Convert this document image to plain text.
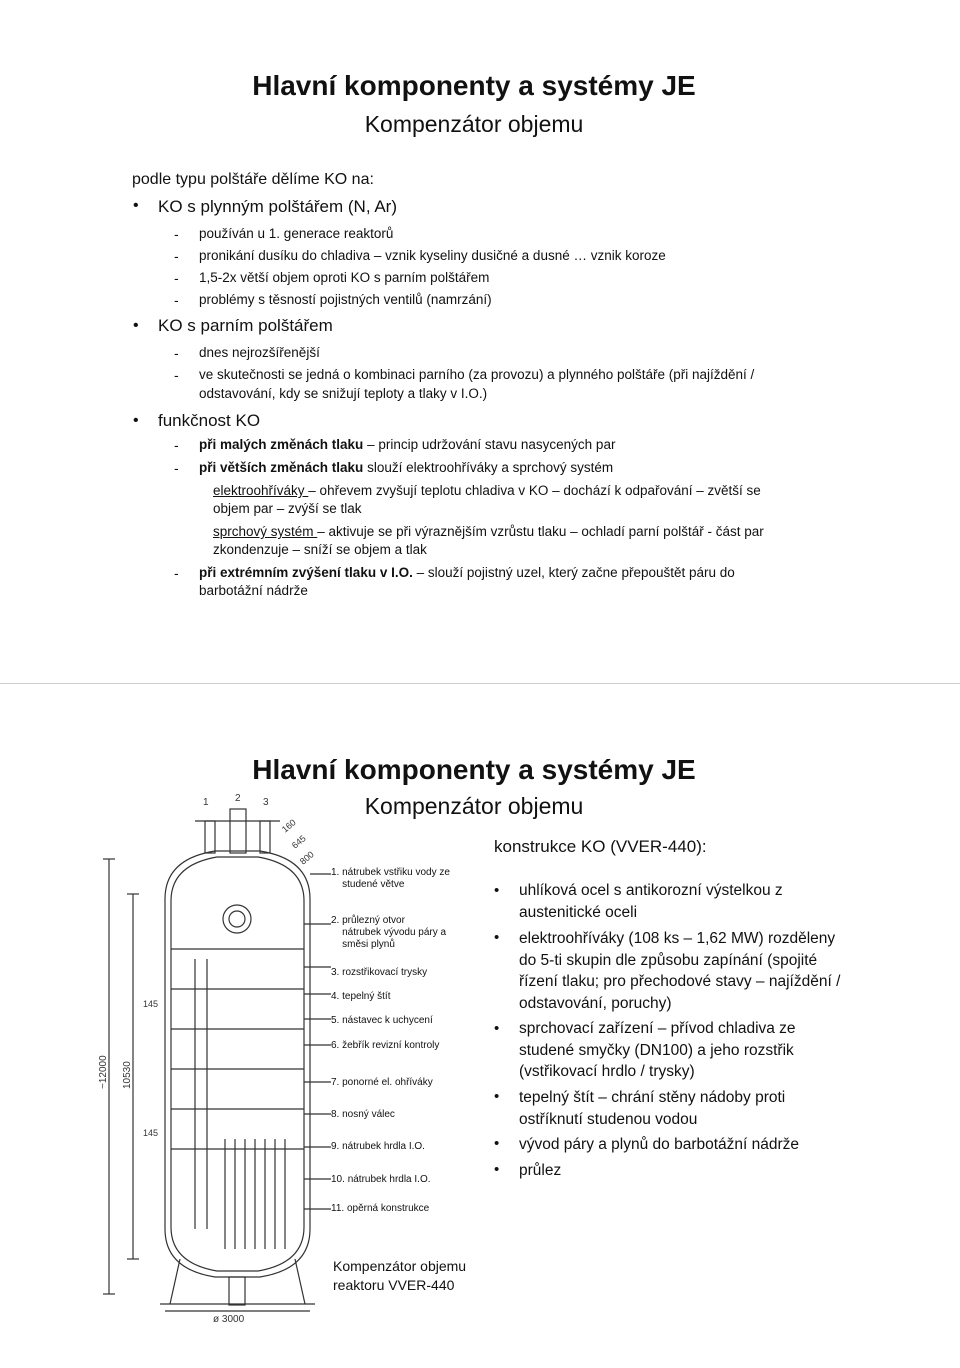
Hlavní komponenty a systémy JE
Kompenzátor objemu
podle typu polštáře dělíme KO na:
• KO s plynným polštářem (N, Ar)
- používán u 1. generace reaktorů
- pronikání dusíku do chladiva – vznik kyseliny dusičné a dusné … vznik koroze
- 1,5-2x větší objem oproti KO s parním polštářem
- problémy s těsností pojistných ventilů (namrzání)
• KO s parním polštářem
- dnes nejrozšířenější
- ve skutečnosti se jedná o kombinaci parního (za provozu) a plynného polštáře (při najíždění /
odstavování, kdy se snižují teploty a tlaky v I.O.)
• funkčnost KO
- při malých změnách tlaku – princip udržování stavu nasycených par
- při větších změnách tlaku slouží elektroohříváky a sprchový systém
elektroohříváky – ohřevem zvyšují teplotu chladiva v KO – dochází k odpařování – zvětší se
objem par – zvýší se tlak
sprchový systém – aktivuje se při výraznějším vzrůstu tlaku – ochladí parní polštář - část par
zkondenzuje – sníží se objem a tlak
- při extrémním zvýšení tlaku v I.O. – slouží pojistný uzel, který začne přepouštět páru do
barbotážní nádrže
Hlavní komponenty a systémy JE
Kompenzátor objemu
~12000 10530
145
145
ø 3000
1	2 3
160
645
800
1. nátrubek vstřiku vody ze
studené větve
2. průlezný otvor
nátrubek vývodu páry a
směsi plynů
3. rozstřikovací trysky
4. tepelný štít
5. nástavec k uchycení
6. žebřík revizní kontroly
7. ponorné el. ohříváky
8. nosný válec
9. nátrubek hrdla I.O.
10. nátrubek hrdla I.O.
11. opěrná konstrukce
Kompenzátor objemu
reaktoru VVER-440
konstrukce KO (VVER-440):
• uhlíková ocel s antikorozní výstelkou z
austenitické oceli
• elektroohříváky (108 ks – 1,62 MW) rozděleny
do 5-ti skupin dle způsobu zapínání (spojité
řízení tlaku; pro přechodové stavy – najíždění /
odstavování, poruchy)
• sprchovací zařízení – přívod chladiva ze
studené smyčky (DN100) a jeho rozstřik
(vstřikovací hrdlo / trysky)
• tepelný štít – chrání stěny nádoby proti
ostříknutí studenou vodou
• vývod páry a plynů do barbotážní nádrže
• průlez
